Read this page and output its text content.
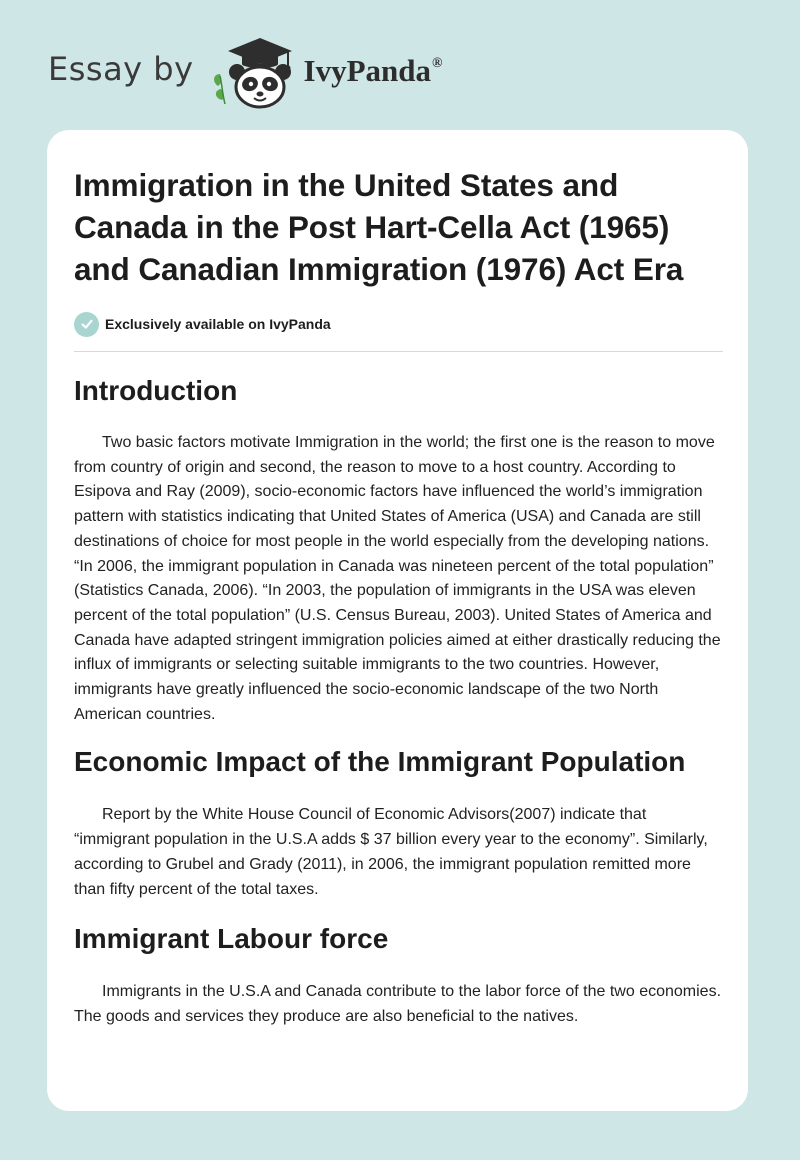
Essay by	IvyPanda®
Immigration in the United States and Canada in the Post Hart-Cella Act (1965) and Canadian Immigration (1976) Act Era
Exclusively available on IvyPanda
Introduction

Two basic factors motivate Immigration in the world; the first one is the reason to move from country of origin and second, the reason to move to a host country. According to Esipova and Ray (2009), socio-economic factors have influenced the world’s immigration pattern with statistics indicating that United States of America (USA) and Canada are still destinations of choice for most people in the world especially from the developing nations. “In 2006, the immigrant population in Canada was nineteen percent of the total population” (Statistics Canada, 2006). “In 2003, the population of immigrants in the USA was eleven percent of the total population” (U.S. Census Bureau, 2003). United States of America and Canada have adapted stringent immigration policies aimed at either drastically reducing the influx of immigrants or selecting suitable immigrants to the two countries. However, immigrants have greatly influenced the socio-economic landscape of the two North American countries.

Economic Impact of the Immigrant Population

Report by the White House Council of Economic Advisors(2007) indicate that “immigrant population in the U.S.A adds $ 37 billion every year to the economy”. Similarly, according to Grubel and Grady (2011), in 2006, the immigrant population remitted more than fifty percent of the total taxes.

Immigrant Labour force

Immigrants in the U.S.A and Canada contribute to the labor force of the two economies. The goods and services they produce are also beneficial to the natives.
